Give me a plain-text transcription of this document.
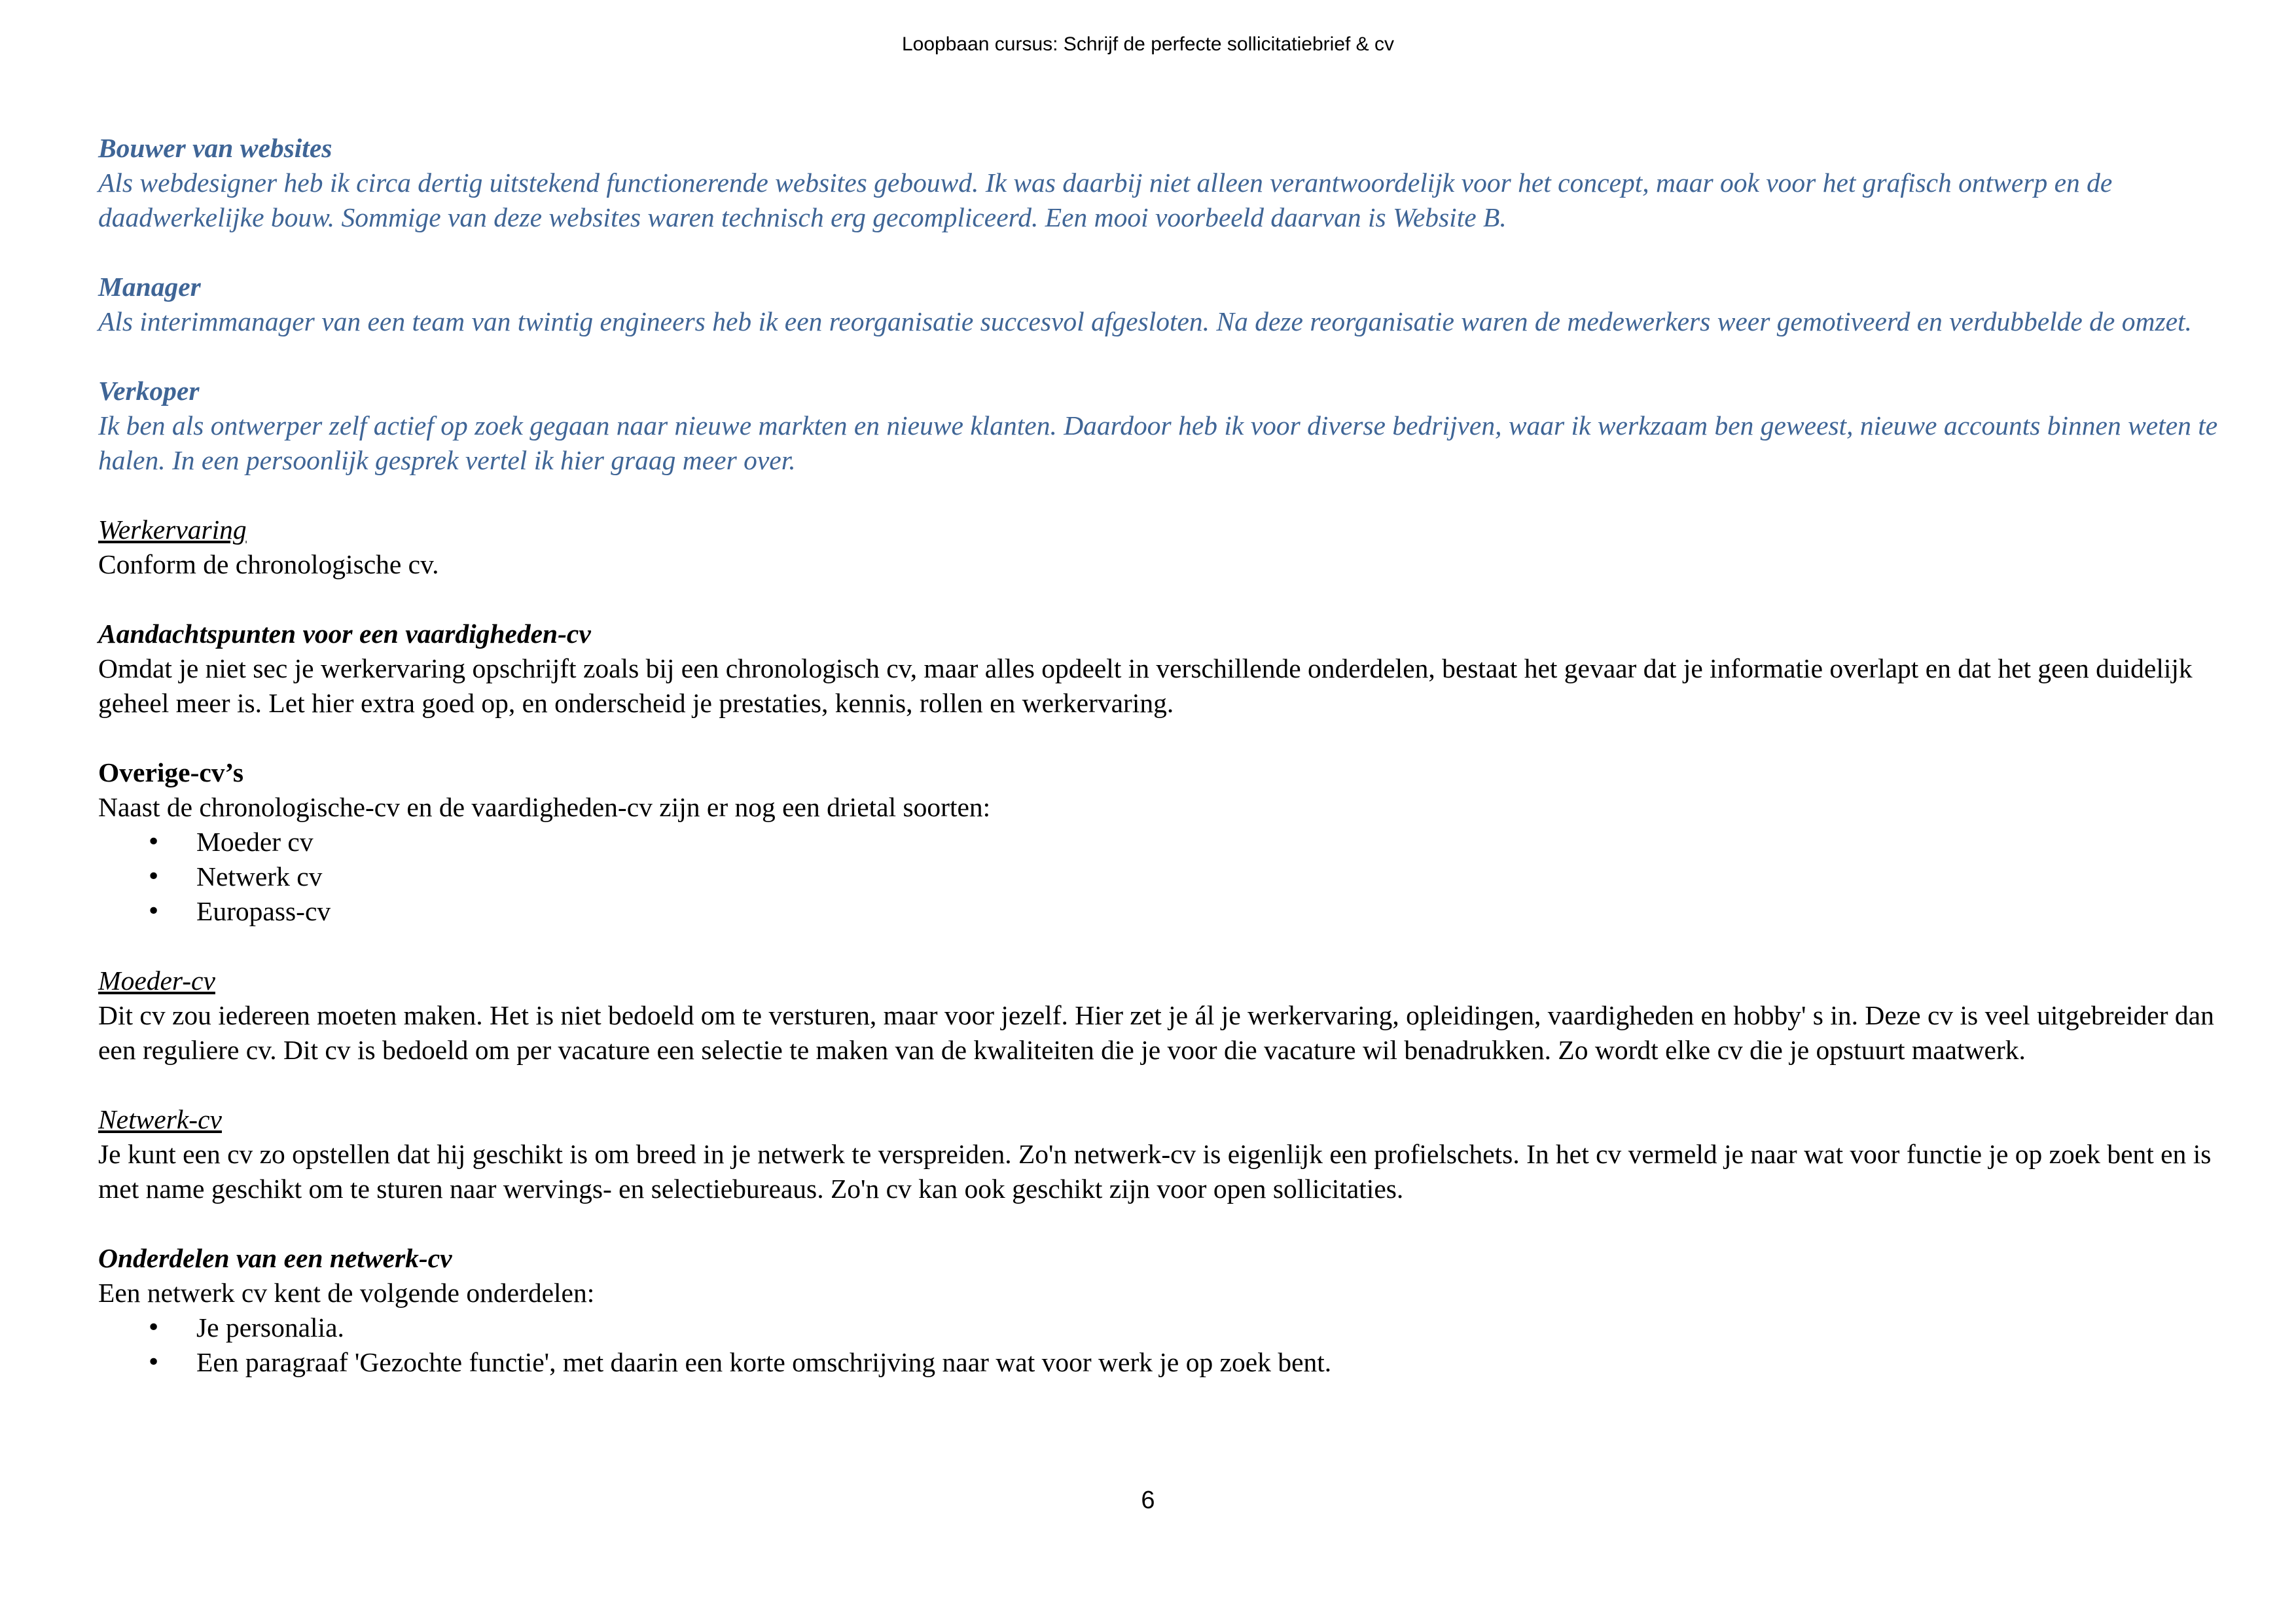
Loopbaan cursus: Schrijf de perfecte sollicitatiebrief & cv

Bouwer van websites

Als webdesigner heb ik circa dertig uitstekend functionerende websites gebouwd. Ik was daarbij niet alleen verantwoordelijk voor het concept, maar ook voor het grafisch ontwerp en de daadwerkelijke bouw. Sommige van deze websites waren technisch erg gecompliceerd. Een mooi voorbeeld daarvan is Website B.

Manager

Als interimmanager van een team van twintig engineers heb ik een reorganisatie succesvol afgesloten. Na deze reorganisatie waren de medewerkers weer gemotiveerd en verdubbelde de omzet.

Verkoper

Ik ben als ontwerper zelf actief op zoek gegaan naar nieuwe markten en nieuwe klanten. Daardoor heb ik voor diverse bedrijven, waar ik werkzaam ben geweest, nieuwe accounts binnen weten te halen. In een persoonlijk gesprek vertel ik hier graag meer over.

Werkervaring

Conform de chronologische cv.

Aandachtspunten voor een vaardigheden-cv

Omdat je niet sec je werkervaring opschrijft zoals bij een chronologisch cv, maar alles opdeelt in verschillende onderdelen, bestaat het gevaar dat je informatie overlapt en dat het geen duidelijk geheel meer is. Let hier extra goed op, en onderscheid je prestaties, kennis, rollen en werkervaring.

Overige-cv’s

Naast de chronologische-cv en de vaardigheden-cv zijn er nog een drietal soorten:

• Moeder cv
• Netwerk cv
• Europass-cv

Moeder-cv

Dit cv zou iedereen moeten maken. Het is niet bedoeld om te versturen, maar voor jezelf. Hier zet je ál je werkervaring, opleidingen, vaardigheden en hobby' s in. Deze cv is veel uitgebreider dan een reguliere cv. Dit cv is bedoeld om per vacature een selectie te maken van de kwaliteiten die je voor die vacature wil benadrukken. Zo wordt elke cv die je opstuurt maatwerk.

Netwerk-cv

Je kunt een cv zo opstellen dat hij geschikt is om breed in je netwerk te verspreiden. Zo'n netwerk-cv is eigenlijk een profielschets. In het cv vermeld je naar wat voor functie je op zoek bent en is met name geschikt om te sturen naar wervings- en selectiebureaus. Zo'n cv kan ook geschikt zijn voor open sollicitaties.

Onderdelen van een netwerk-cv

Een netwerk cv kent de volgende onderdelen:

• Je personalia.
• Een paragraaf 'Gezochte functie', met daarin een korte omschrijving naar wat voor werk je op zoek bent.
6
